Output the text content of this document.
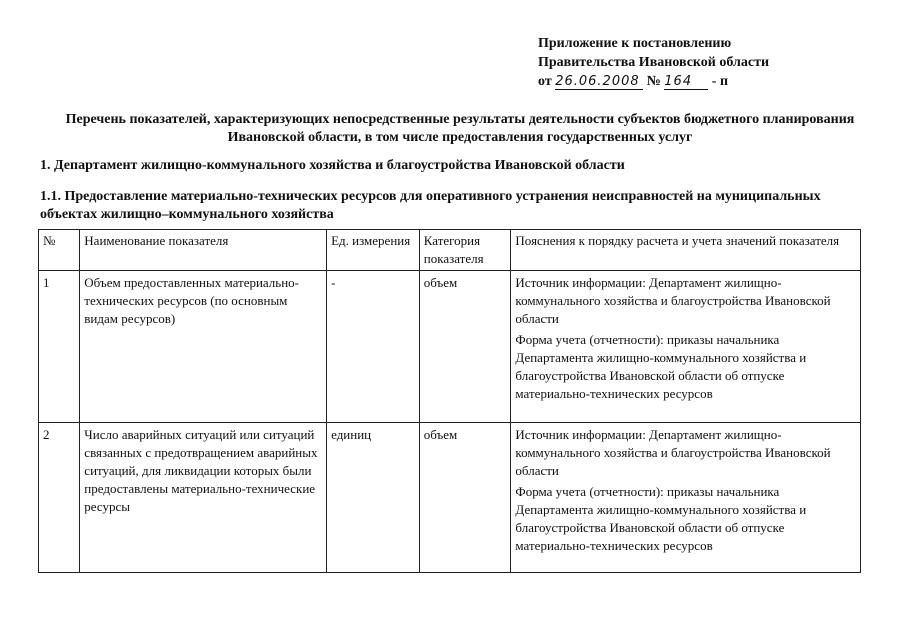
Приложение к постановлению
Правительства Ивановской области
от 26.06.2008 № 164 - п
Перечень показателей, характеризующих непосредственные результаты деятельности субъектов бюджетного планирования Ивановской области, в том числе предоставления государственных услуг
1. Департамент жилищно-коммунального хозяйства и благоустройства Ивановской области
1.1. Предоставление материально-технических ресурсов для оперативного устранения неисправностей на муниципальных объектах жилищно–коммунального хозяйства
№	Наименование показателя	Ед. измерения	Категория показателя	Пояснения к порядку расчета и учета значений показателя
1	Объем предоставленных материально-технических ресурсов (по основным видам ресурсов)	-	объем	Источник информации: Департамент жилищно-коммунального хозяйства и благоустройства Ивановской области

Форма учета (отчетности): приказы начальника Департамента жилищно-коммунального хозяйства и благоустройства Ивановской области об отпуске материально-технических ресурсов

2	Число аварийных ситуаций или ситуаций связанных с предотвращением аварийных ситуаций, для ликвидации которых были предоставлены материально-технические ресурсы	единиц	объем	Источник информации: Департамент жилищно-коммунального хозяйства и благоустройства Ивановской области

Форма учета (отчетности): приказы начальника Департамента жилищно-коммунального хозяйства и благоустройства Ивановской области об отпуске материально-технических ресурсов
